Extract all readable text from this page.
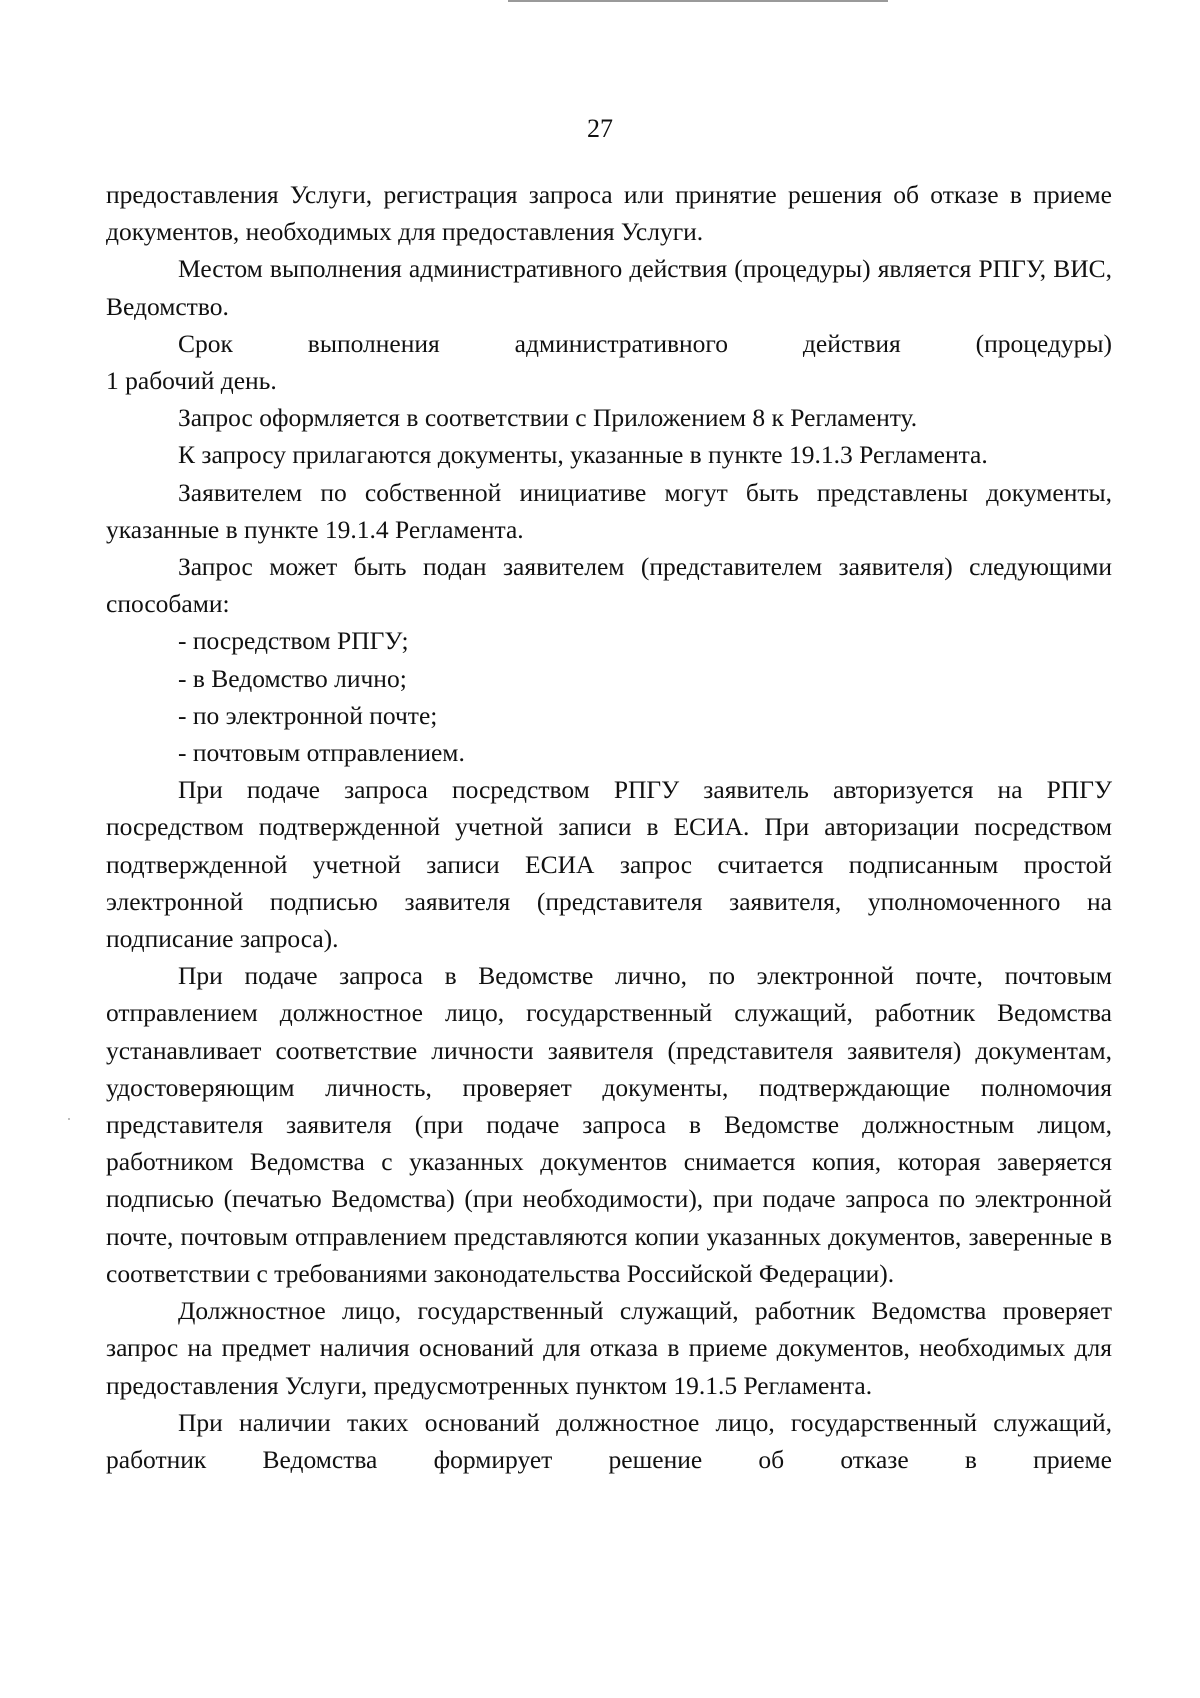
27

предоставления Услуги, регистрация запроса или принятие решения об отказе в приеме документов, необходимых для предоставления Услуги.

Местом выполнения административного действия (процедуры) является РПГУ, ВИС, Ведомство.

Срок выполнения административного действия (процедуры)

1 рабочий день.

Запрос оформляется в соответствии с Приложением 8 к Регламенту.

К запросу прилагаются документы, указанные в пункте 19.1.3 Регламента.

Заявителем по собственной инициативе могут быть представлены документы, указанные в пункте 19.1.4 Регламента.

Запрос может быть подан заявителем (представителем заявителя) следующими способами:

- посредством РПГУ;

- в Ведомство лично;

- по электронной почте;

- почтовым отправлением.

При подаче запроса посредством РПГУ заявитель авторизуется на РПГУ посредством подтвержденной учетной записи в ЕСИА. При авторизации посредством подтвержденной учетной записи ЕСИА запрос считается подписанным простой электронной подписью заявителя (представителя заявителя, уполномоченного на подписание запроса).

При подаче запроса в Ведомстве лично, по электронной почте, почтовым отправлением должностное лицо, государственный служащий, работник Ведомства устанавливает соответствие личности заявителя (представителя заявителя) документам, удостоверяющим личность, проверяет документы, подтверждающие полномочия представителя заявителя (при подаче запроса в Ведомстве должностным лицом, работником Ведомства с указанных документов снимается копия, которая заверяется подписью (печатью Ведомства) (при необходимости), при подаче запроса по электронной почте, почтовым отправлением представляются копии указанных документов, заверенные в соответствии с требованиями законодательства Российской Федерации).

Должностное лицо, государственный служащий, работник Ведомства проверяет запрос на предмет наличия оснований для отказа в приеме документов, необходимых для предоставления Услуги, предусмотренных пунктом 19.1.5 Регламента.

При наличии таких оснований должностное лицо, государственный служащий, работник Ведомства формирует решение об отказе в приеме
